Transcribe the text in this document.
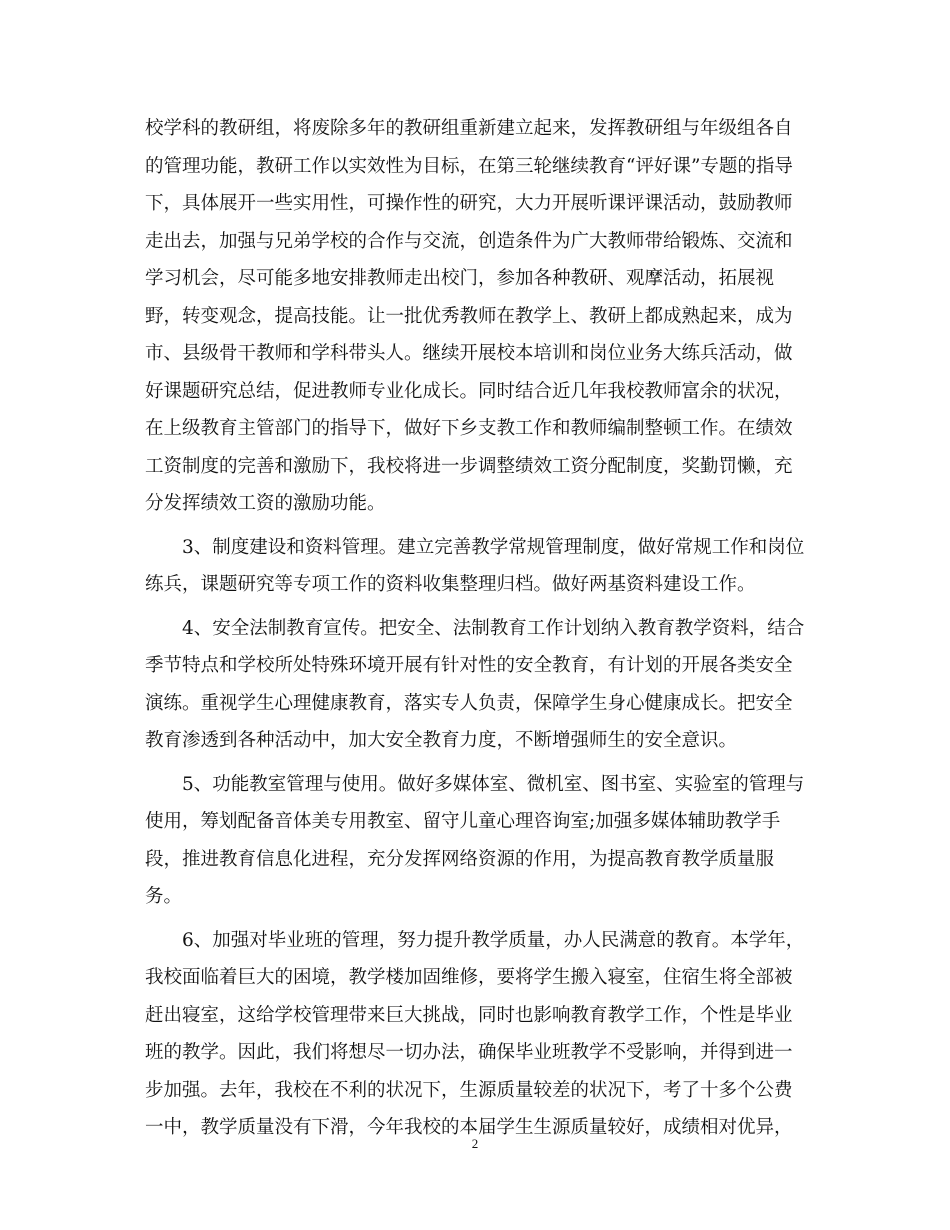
校学科的教研组，将废除多年的教研组重新建立起来，发挥教研组与年级组各自
的管理功能，教研工作以实效性为目标，在第三轮继续教育“评好课”专题的指导
下，具体展开一些实用性，可操作性的研究，大力开展听课评课活动，鼓励教师
走出去，加强与兄弟学校的合作与交流，创造条件为广大教师带给锻炼、交流和
学习机会，尽可能多地安排教师走出校门，参加各种教研、观摩活动，拓展视
野，转变观念，提高技能。让一批优秀教师在教学上、教研上都成熟起来，成为
市、县级骨干教师和学科带头人。继续开展校本培训和岗位业务大练兵活动，做
好课题研究总结，促进教师专业化成长。同时结合近几年我校教师富余的状况，
在上级教育主管部门的指导下，做好下乡支教工作和教师编制整顿工作。在绩效
工资制度的完善和激励下，我校将进一步调整绩效工资分配制度，奖勤罚懒，充
分发挥绩效工资的激励功能。
3、制度建设和资料管理。建立完善教学常规管理制度，做好常规工作和岗位
练兵，课题研究等专项工作的资料收集整理归档。做好两基资料建设工作。
4、安全法制教育宣传。把安全、法制教育工作计划纳入教育教学资料，结合
季节特点和学校所处特殊环境开展有针对性的安全教育，有计划的开展各类安全
演练。重视学生心理健康教育，落实专人负责，保障学生身心健康成长。把安全
教育渗透到各种活动中，加大安全教育力度，不断增强师生的安全意识。
5、功能教室管理与使用。做好多媒体室、微机室、图书室、实验室的管理与
使用，筹划配备音体美专用教室、留守儿童心理咨询室;加强多媒体辅助教学手
段，推进教育信息化进程，充分发挥网络资源的作用，为提高教育教学质量服
务。
6、加强对毕业班的管理，努力提升教学质量，办人民满意的教育。本学年，
我校面临着巨大的困境，教学楼加固维修，要将学生搬入寝室，住宿生将全部被
赶出寝室，这给学校管理带来巨大挑战，同时也影响教育教学工作，个性是毕业
班的教学。因此，我们将想尽一切办法，确保毕业班教学不受影响，并得到进一
步加强。去年，我校在不利的状况下，生源质量较差的状况下，考了十多个公费
一中，教学质量没有下滑，今年我校的本届学生生源质量较好，成绩相对优异，
2
